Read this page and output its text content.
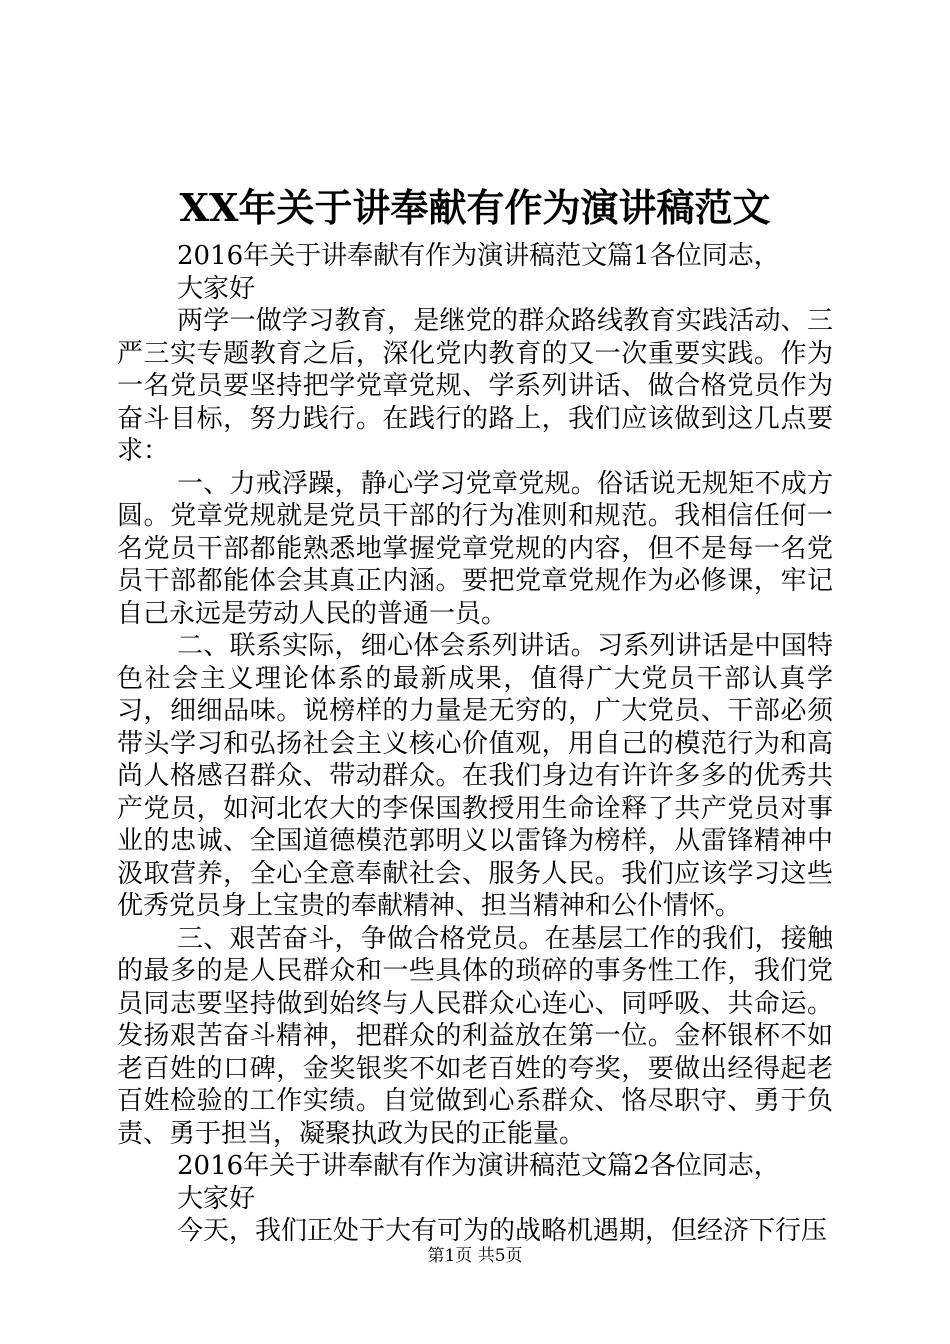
XX年关于讲奉献有作为演讲稿范文

2016年关于讲奉献有作为演讲稿范文篇1各位同志，

大家好

两学一做学习教育，是继党的群众路线教育实践活动、三严三实专题教育之后，深化党内教育的又一次重要实践。作为一名党员要坚持把学党章党规、学系列讲话、做合格党员作为奋斗目标，努力践行。在践行的路上，我们应该做到这几点要求：

一、力戒浮躁，静心学习党章党规。俗话说无规矩不成方圆。党章党规就是党员干部的行为准则和规范。我相信任何一名党员干部都能熟悉地掌握党章党规的内容，但不是每一名党员干部都能体会其真正内涵。要把党章党规作为必修课，牢记自己永远是劳动人民的普通一员。

二、联系实际，细心体会系列讲话。习系列讲话是中国特色社会主义理论体系的最新成果，值得广大党员干部认真学习，细细品味。说榜样的力量是无穷的，广大党员、干部必须带头学习和弘扬社会主义核心价值观，用自己的模范行为和高尚人格感召群众、带动群众。在我们身边有许许多多的优秀共产党员，如河北农大的李保国教授用生命诠释了共产党员对事业的忠诚、全国道德模范郭明义以雷锋为榜样，从雷锋精神中汲取营养，全心全意奉献社会、服务人民。我们应该学习这些优秀党员身上宝贵的奉献精神、担当精神和公仆情怀。

三、艰苦奋斗，争做合格党员。在基层工作的我们，接触的最多的是人民群众和一些具体的琐碎的事务性工作，我们党员同志要坚持做到始终与人民群众心连心、同呼吸、共命运。发扬艰苦奋斗精神，把群众的利益放在第一位。金杯银杯不如老百姓的口碑，金奖银奖不如老百姓的夸奖，要做出经得起老百姓检验的工作实绩。自觉做到心系群众、恪尽职守、勇于负责、勇于担当，凝聚执政为民的正能量。

2016年关于讲奉献有作为演讲稿范文篇2各位同志，

大家好

今天，我们正处于大有可为的战略机遇期，但经济下行压

第1页 共5页
